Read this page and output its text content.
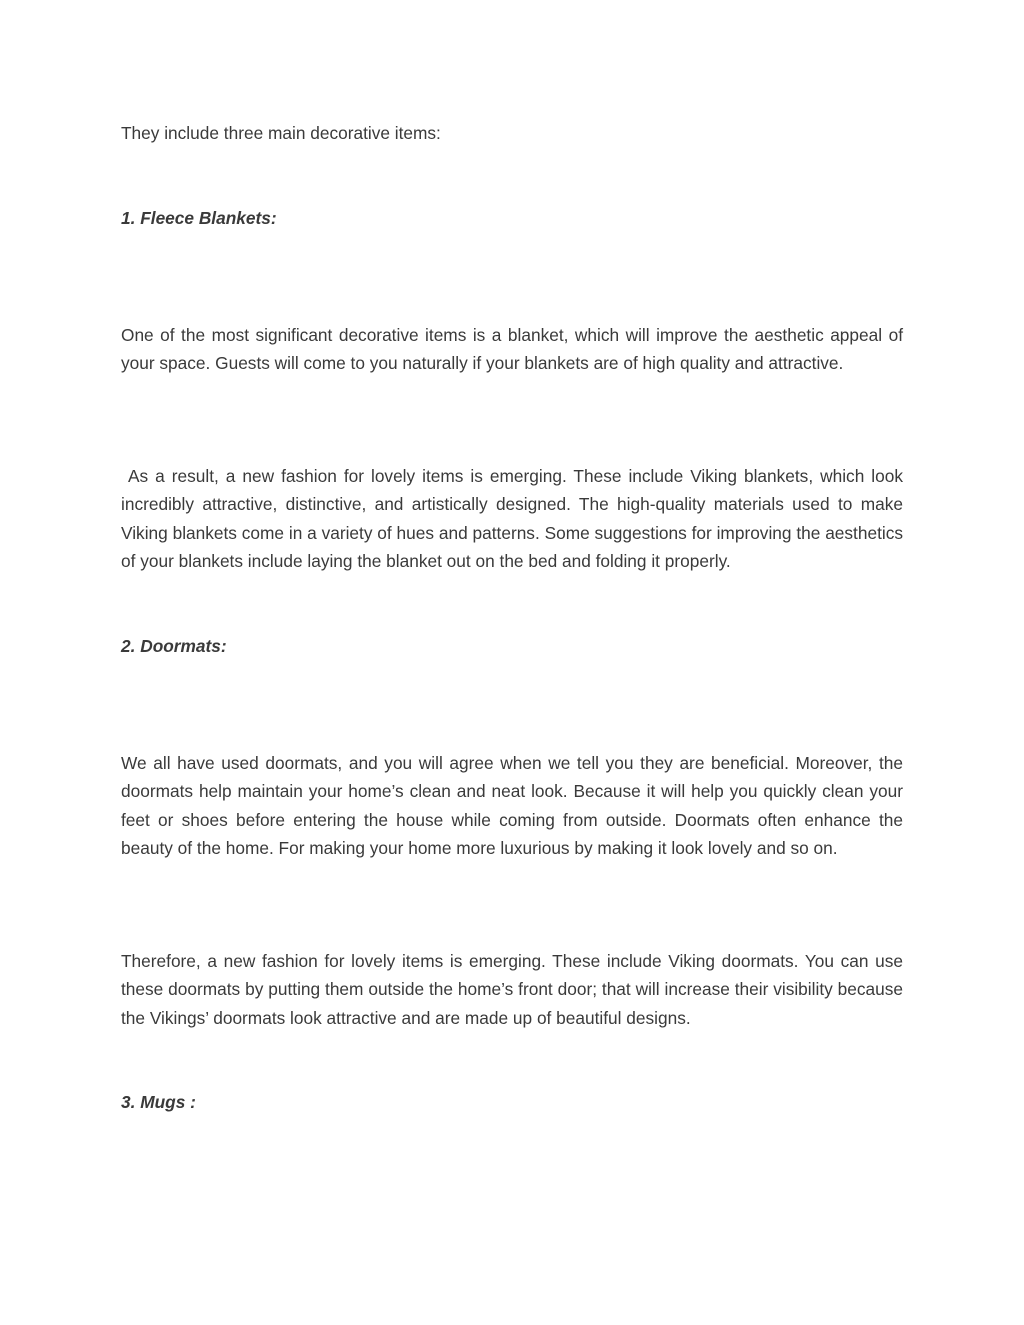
They include three main decorative items:

1. Fleece Blankets:

One of the most significant decorative items is a blanket, which will improve the aesthetic appeal of your space. Guests will come to you naturally if your blankets are of high quality and attractive.

As a result, a new fashion for lovely items is emerging. These include Viking blankets, which look incredibly attractive, distinctive, and artistically designed. The high-quality materials used to make Viking blankets come in a variety of hues and patterns. Some suggestions for improving the aesthetics of your blankets include laying the blanket out on the bed and folding it properly.

2. Doormats:

We all have used doormats, and you will agree when we tell you they are beneficial. Moreover, the doormats help maintain your home’s clean and neat look. Because it will help you quickly clean your feet or shoes before entering the house while coming from outside. Doormats often enhance the beauty of the home. For making your home more luxurious by making it look lovely and so on.

Therefore, a new fashion for lovely items is emerging. These include Viking doormats. You can use these doormats by putting them outside the home’s front door; that will increase their visibility because the Vikings’ doormats look attractive and are made up of beautiful designs.

3. Mugs :
